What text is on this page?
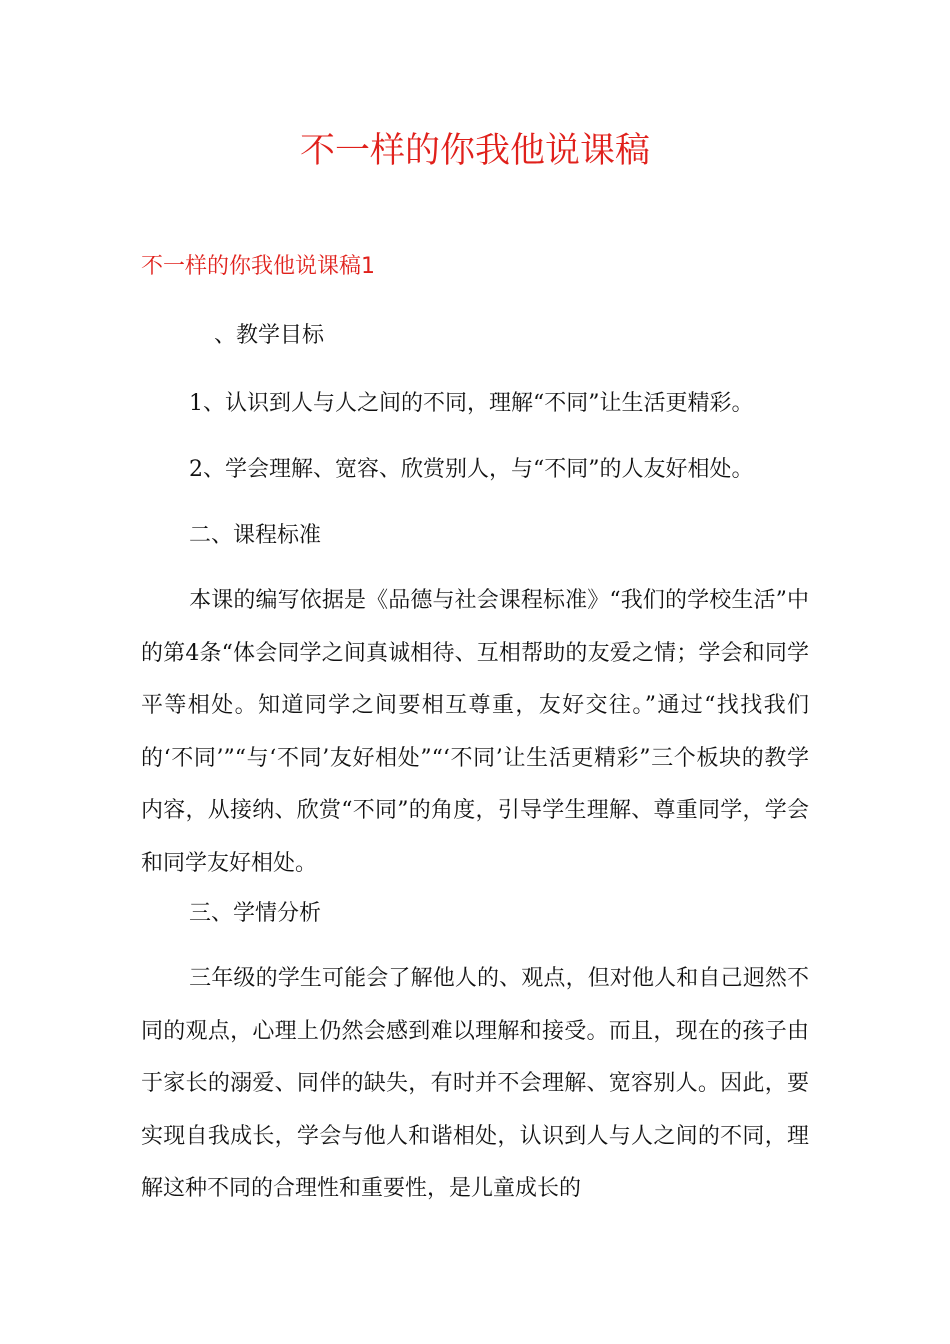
不一样的你我他说课稿
不一样的你我他说课稿1
、教学目标
1、认识到人与人之间的不同，理解“不同”让生活更精彩。
2、学会理解、宽容、欣赏别人，与“不同”的人友好相处。
二、课程标准
本课的编写依据是《品德与社会课程标准》“我们的学校生活”中的第4条“体会同学之间真诚相待、互相帮助的友爱之情；学会和同学平等相处。知道同学之间要相互尊重，友好交往。”通过“找找我们的‘不同’”“与‘不同’友好相处”“‘不同’让生活更精彩”三个板块的教学内容，从接纳、欣赏“不同”的角度，引导学生理解、尊重同学，学会和同学友好相处。
三、学情分析
三年级的学生可能会了解他人的、观点，但对他人和自己迥然不同的观点，心理上仍然会感到难以理解和接受。而且，现在的孩子由于家长的溺爱、同伴的缺失，有时并不会理解、宽容别人。因此，要实现自我成长，学会与他人和谐相处，认识到人与人之间的不同，理解这种不同的合理性和重要性，是儿童成长的
